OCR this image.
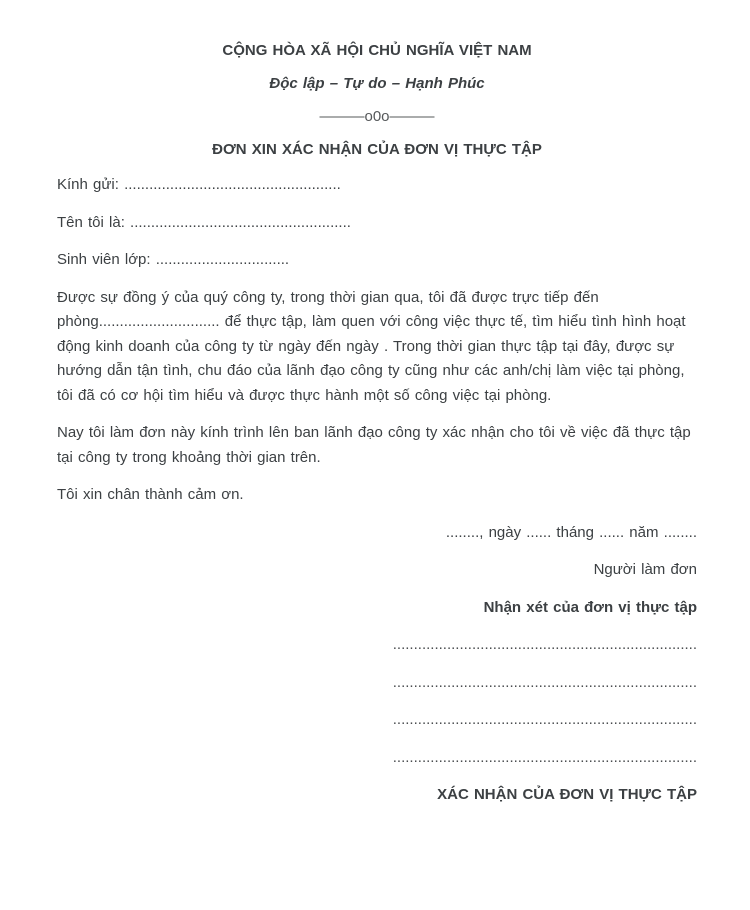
CỘNG HÒA XÃ HỘI CHỦ NGHĨA VIỆT NAM

Độc lập – Tự do – Hạnh Phúc

———o0o———

ĐƠN XIN XÁC NHẬN CỦA ĐƠN VỊ THỰC TẬP

Kính gửi: ....................................................

Tên tôi là: .....................................................

Sinh viên lớp: ................................

Được sự đồng ý của quý công ty, trong thời gian qua, tôi đã được trực tiếp đến phòng............................. để thực tập, làm quen với công việc thực tế, tìm hiểu tình hình hoạt động kinh doanh của công ty từ ngày đến ngày . Trong thời gian thực tập tại đây, được sự hướng dẫn tận tình, chu đáo của lãnh đạo công ty cũng như các anh/chị làm việc tại phòng, tôi đã có cơ hội tìm hiểu và được thực hành một số công việc tại phòng.

Nay tôi làm đơn này kính trình lên ban lãnh đạo công ty xác nhận cho tôi về việc đã thực tập tại công ty trong khoảng thời gian trên.

Tôi xin chân thành cảm ơn.

........, ngày ...... tháng ...... năm ........

Người làm đơn

Nhận xét của đơn vị thực tập

.........................................................................

.........................................................................

.........................................................................

.........................................................................

XÁC NHẬN CỦA ĐƠN VỊ THỰC TẬP
